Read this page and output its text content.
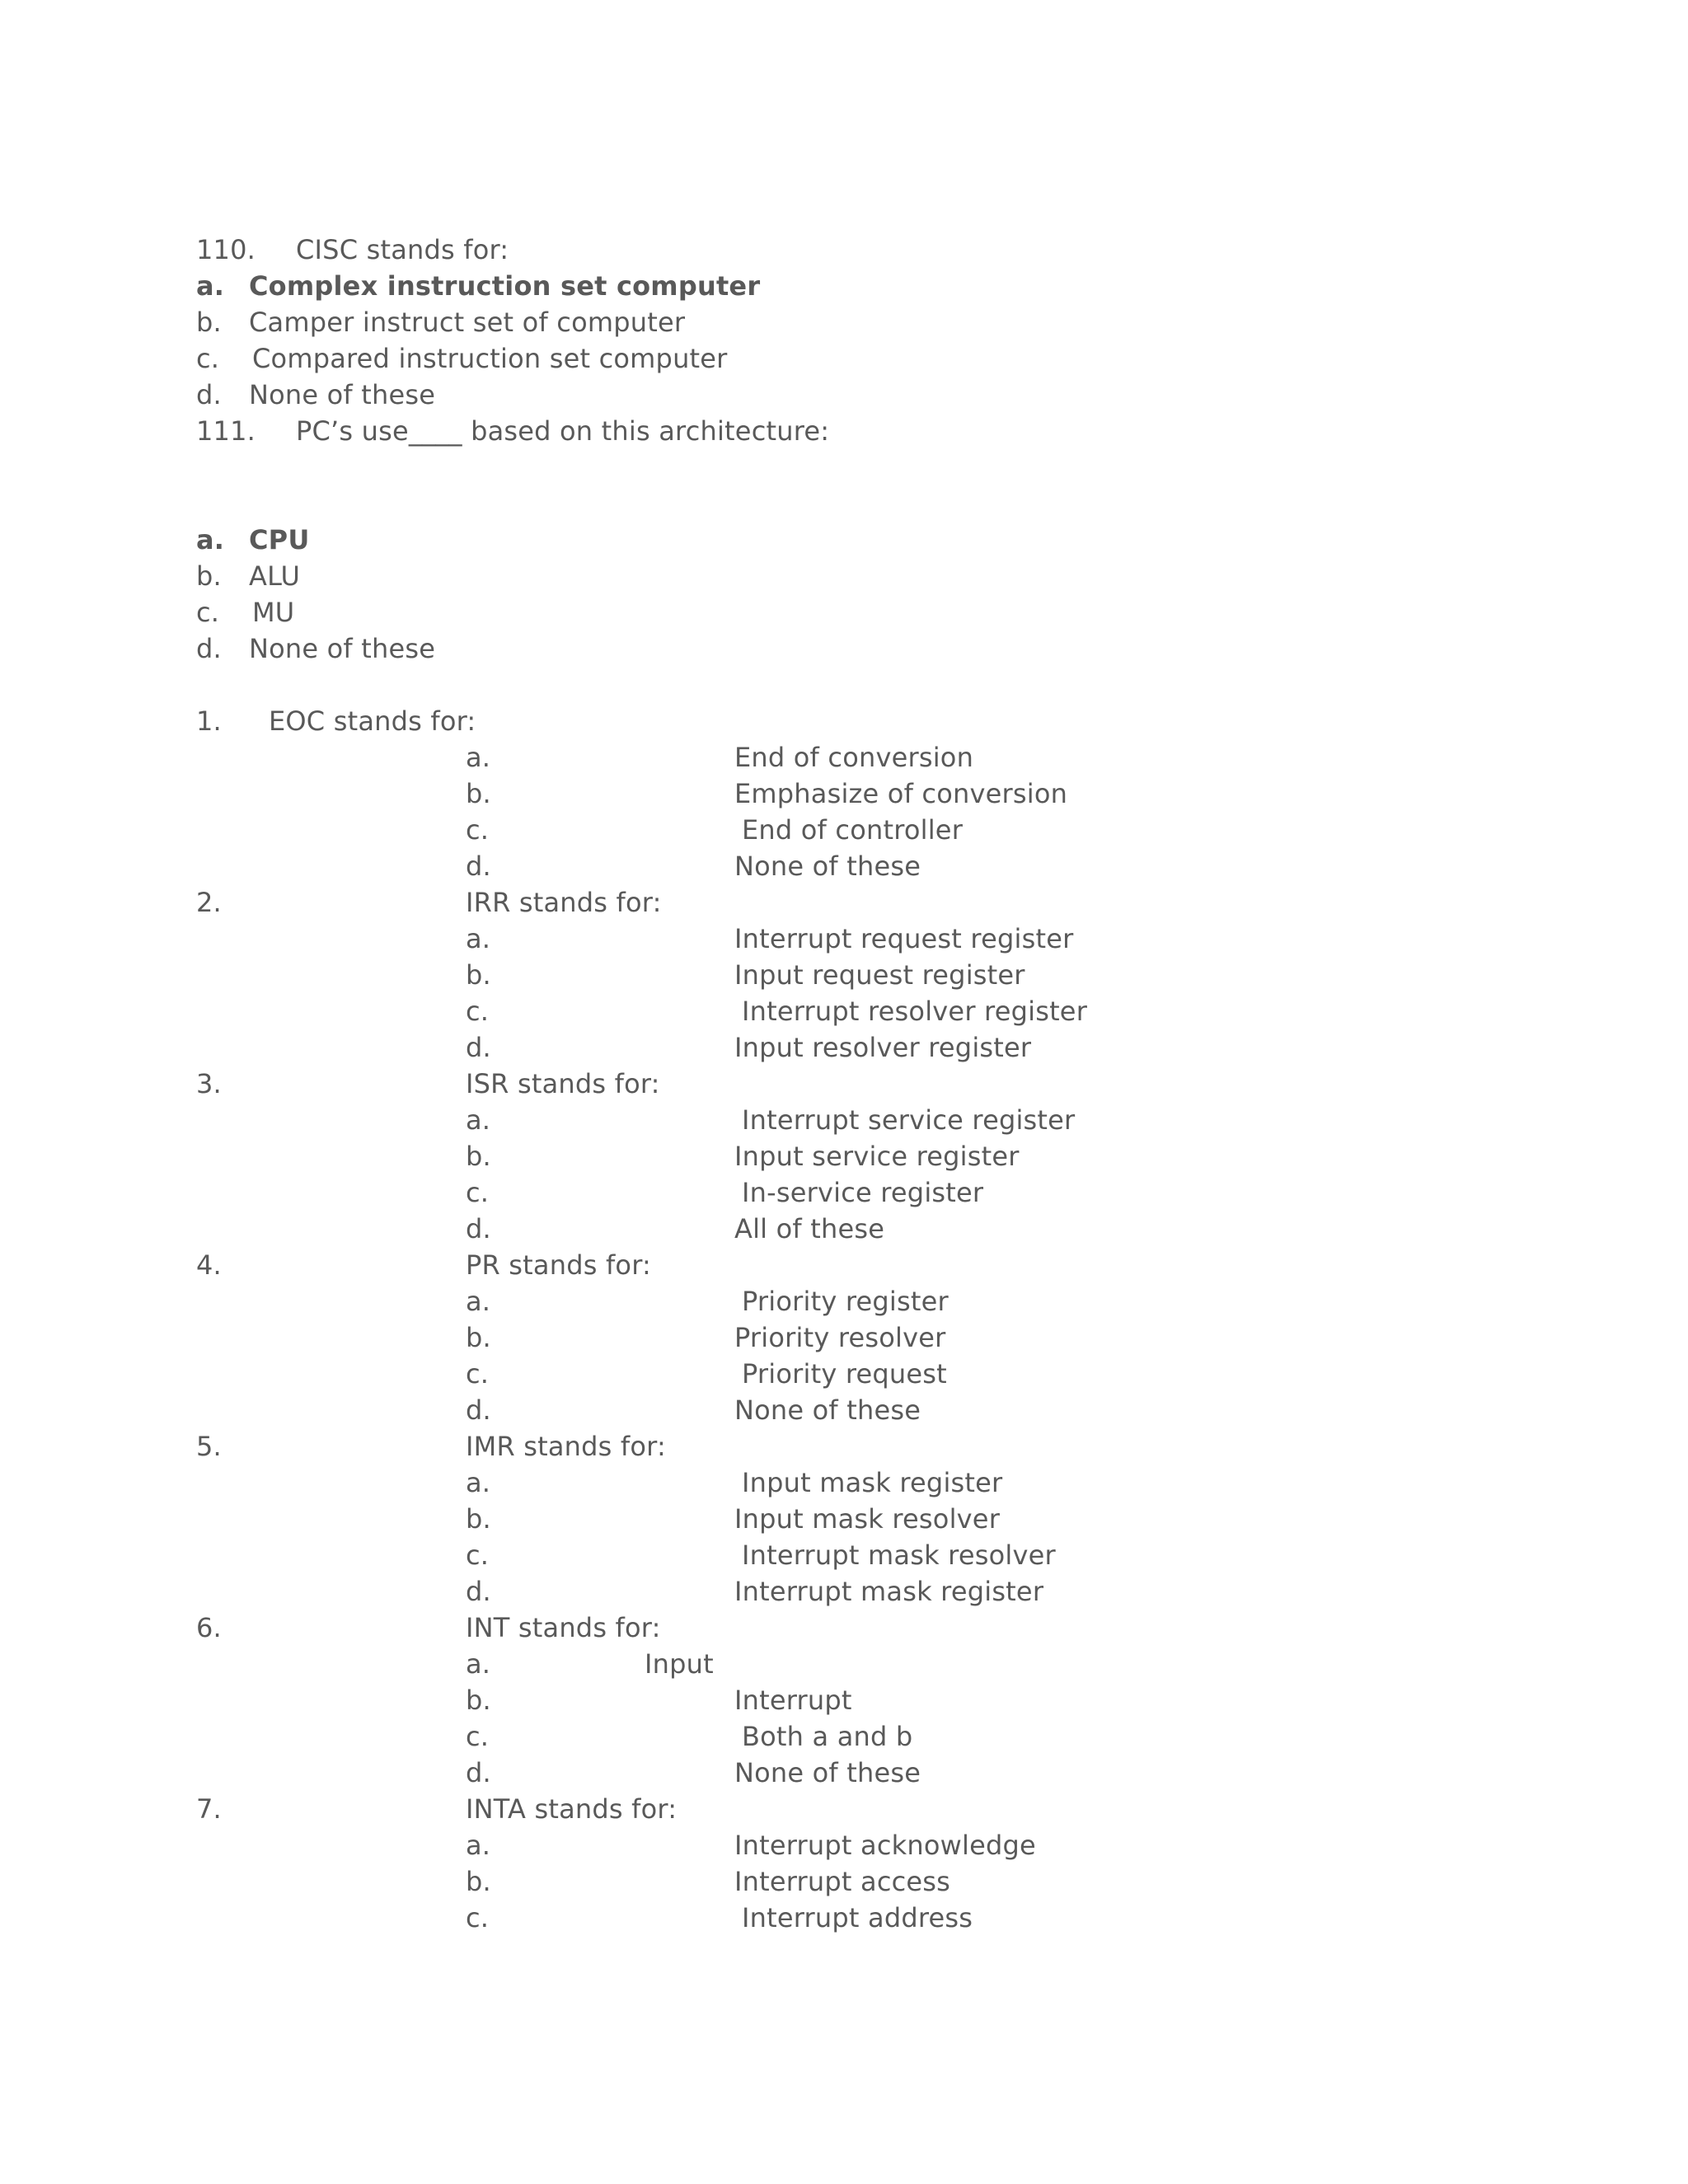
110. CISC stands for:
a. Complex instruction set computer
b. Camper instruct set of computer
c. Compared instruction set computer
d. None of these
111. PC’s use____ based on this architecture:
a. CPU
b. ALU
c. MU
d. None of these
1. EOC stands for:
a.	End of conversion
b.	Emphasize of conversion
c.	End of controller
d.	None of these
2.	IRR stands for:
a.	Interrupt request register
b.	Input request register
c.	Interrupt resolver register
d.	Input resolver register
3.	ISR stands for:
a.	Interrupt service register
b.	Input service register
c.	In-service register
d.	All of these
4.	PR stands for:
a.	Priority register
b.	Priority resolver
c.	Priority request
d.	None of these
5.	IMR stands for:
a.	Input mask register
b.	Input mask resolver
c.	Interrupt mask resolver
d.	Interrupt mask register
6.	INT stands for:
a.	Input
b.	Interrupt
c.	Both a and b
d.	None of these
7.	INTA stands for:
a.	Interrupt acknowledge
b.	Interrupt access
c.	Interrupt address
